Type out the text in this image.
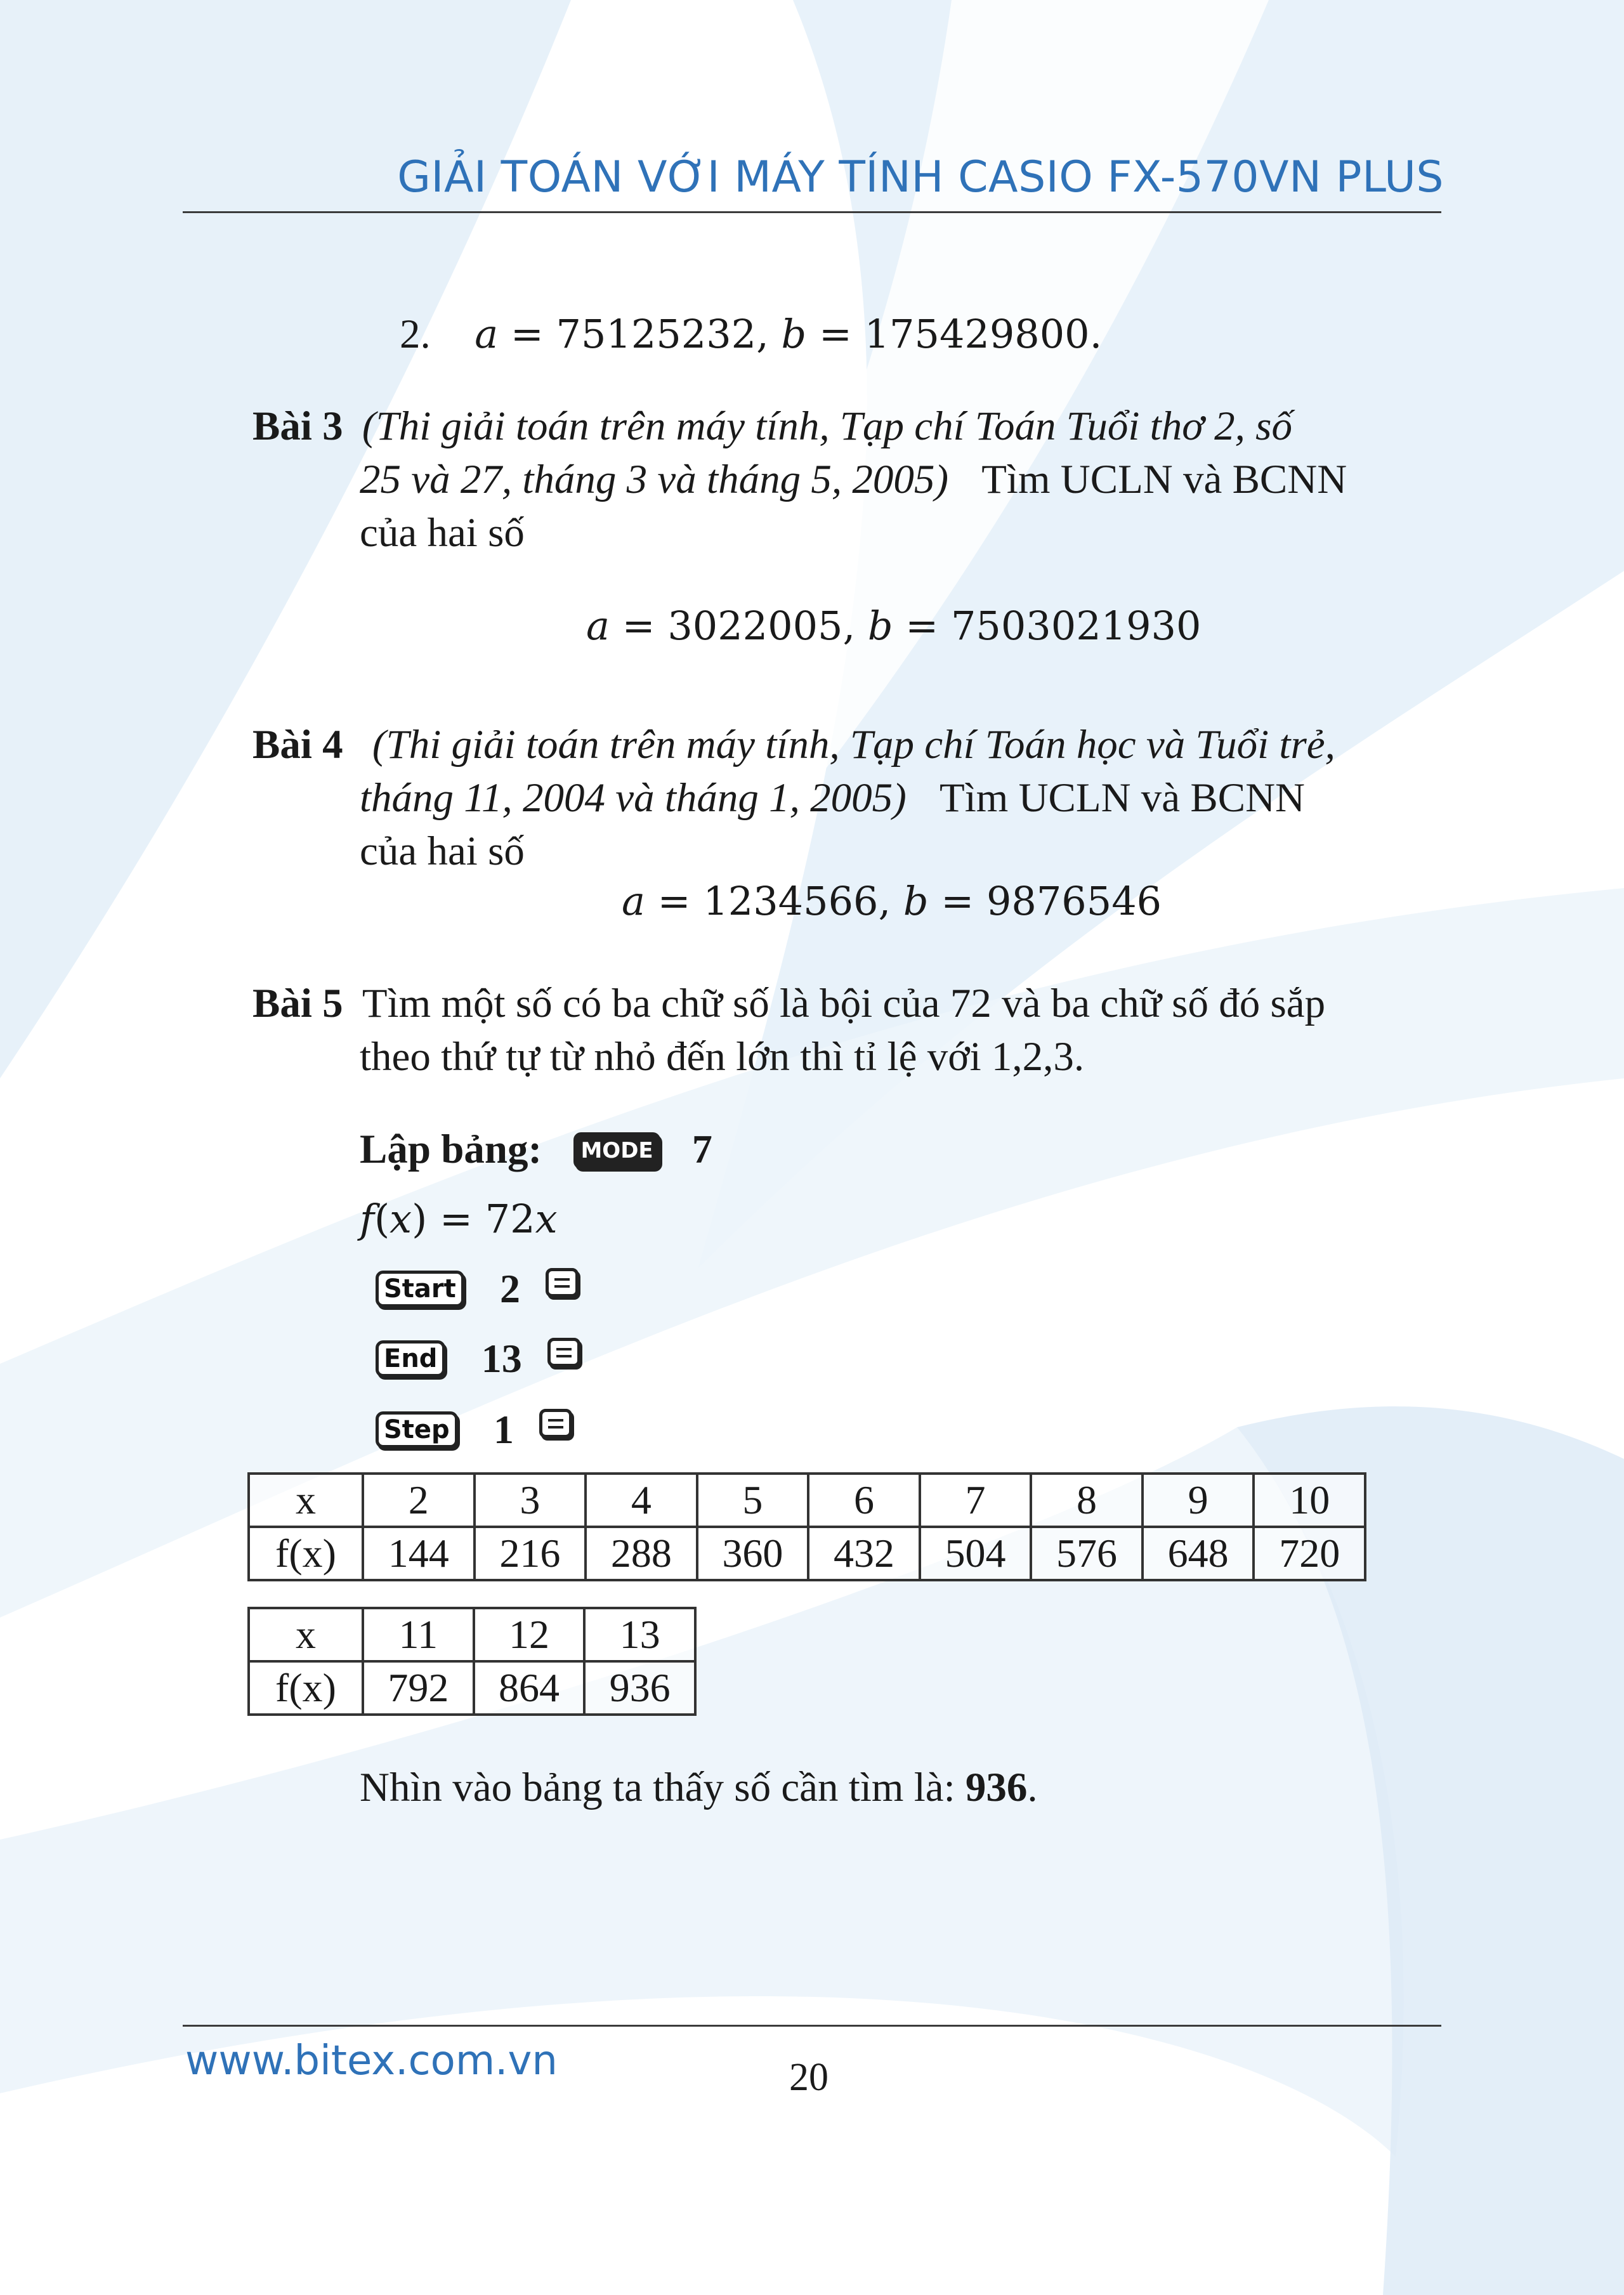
GIẢI TOÁN VỚI MÁY TÍNH CASIO FX-570VN PLUS
2. a = 75125232, b = 175429800.
Bài 3 (Thi giải toán trên máy tính, Tạp chí Toán Tuổi thơ 2, số
25 và 27, tháng 3 và tháng 5, 2005) Tìm UCLN và BCNN
của hai số
a = 3022005, b = 7503021930
Bài 4 (Thi giải toán trên máy tính, Tạp chí Toán học và Tuổi trẻ,
tháng 11, 2004 và tháng 1, 2005) Tìm UCLN và BCNN
của hai số
a = 1234566, b = 9876546
Bài 5 Tìm một số có ba chữ số là bội của 72 và ba chữ số đó sắp
theo thứ tự từ nhỏ đến lớn thì tỉ lệ với 1,2,3.
Lập bảng: MODE 7
f(x) = 72x
Start 2
End 13
Step 1
x	2	3	4	5	6	7	8	9	10
f(x)	144	216	288	360	432	504	576	648	720
x	11	12	13
f(x)	792	864	936
Nhìn vào bảng ta thấy số cần tìm là: 936.
www.bitex.com.vn	20
